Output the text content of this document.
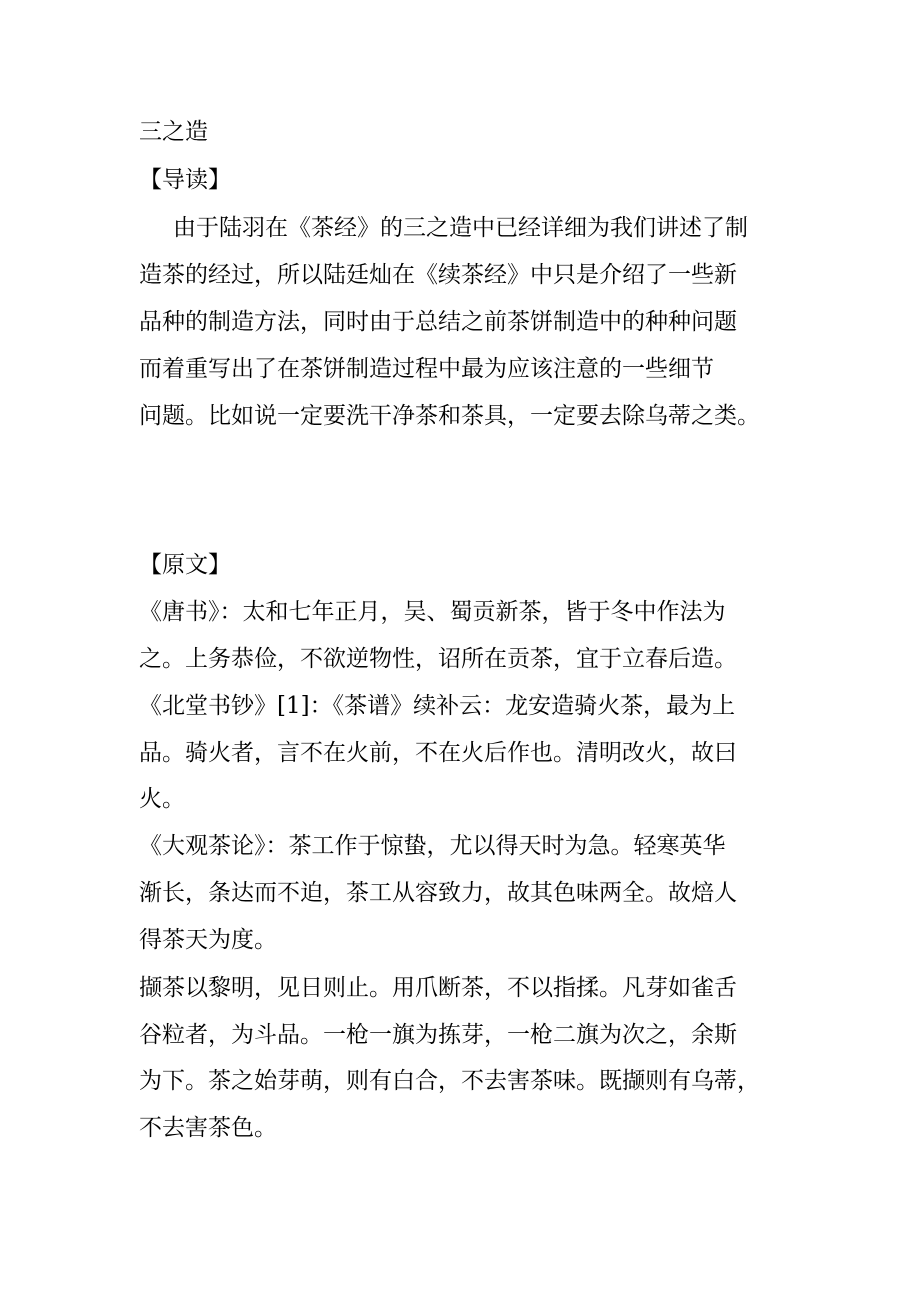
三之造
【导读】
由于陆羽在《茶经》的三之造中已经详细为我们讲述了制
造茶的经过，所以陆廷灿在《续茶经》中只是介绍了一些新
品种的制造方法，同时由于总结之前茶饼制造中的种种问题
而着重写出了在茶饼制造过程中最为应该注意的一些细节
问题。比如说一定要洗干净茶和茶具，一定要去除乌蒂之类。
【原文】
《唐书》：太和七年正月，吴、蜀贡新茶，皆于冬中作法为
之。上务恭俭，不欲逆物性，诏所在贡茶，宜于立春后造。
《北堂书钞》[1]：《茶谱》续补云：龙安造骑火茶，最为上
品。骑火者，言不在火前，不在火后作也。清明改火，故曰
火。
《大观茶论》：茶工作于惊蛰，尤以得天时为急。轻寒英华
渐长，条达而不迫，茶工从容致力，故其色味两全。故焙人
得茶天为度。
撷茶以黎明，见日则止。用爪断茶，不以指揉。凡芽如雀舌
谷粒者，为斗品。一枪一旗为拣芽，一枪二旗为次之，余斯
为下。茶之始芽萌，则有白合，不去害茶味。既撷则有乌蒂，
不去害茶色。
